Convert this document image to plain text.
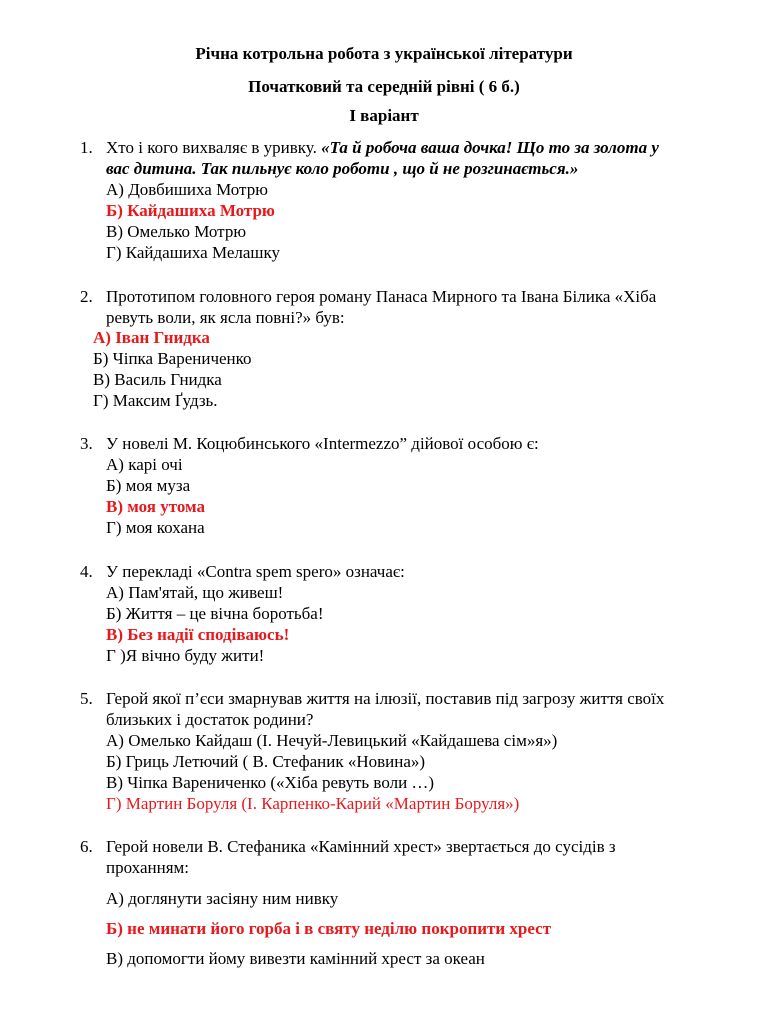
Річна котрольна робота з української літератури
Початковий та середній рівні ( 6 б.)
І варіант
1. Хто і кого вихваляє в уривку. «Та й робоча ваша дочка! Що то за золота у
вас дитина. Так пильнує коло роботи , що й не розгинається.»
А) Довбишиха Мотрю
Б) Кайдашиха Мотрю
В) Омелько Мотрю
Г) Кайдашиха Мелашку
2. Прототипом головного героя роману Панаса Мирного та Івана Білика «Хіба
ревуть воли, як ясла повні?» був:
А) Іван Гнидка
Б) Чіпка Варениченко
В) Василь Гнидка
Г) Максим Ґудзь.
3. У новелі М. Коцюбинського «Intermezzo” дійової особою є:
А) карі очі
Б) моя муза
В) моя утома
Г) моя кохана
4. У перекладі «Contra spem spero» означає:
А) Пам'ятай, що живеш!
Б) Життя – це вічна боротьба!
В) Без надії сподіваюсь!
Г )Я вічно буду жити!
5. Герой якої п’єси змарнував життя на ілюзії, поставив під загрозу життя своїх
близьких і достаток родини?
А) Омелько Кайдаш (І. Нечуй-Левицький «Кайдашева сім»я»)
Б) Гриць Летючий ( В. Стефаник «Новина»)
В) Чіпка Варениченко («Хіба ревуть воли …)
Г) Мартин Боруля (І. Карпенко-Карий «Мартин Боруля»)
6. Герой новели В. Стефаника «Камінний хрест» звертається до сусідів з
проханням:
А) доглянути засіяну ним нивку
Б) не минати його горба і в святу неділю покропити хрест
В) допомогти йому вивезти камінний хрест за океан
